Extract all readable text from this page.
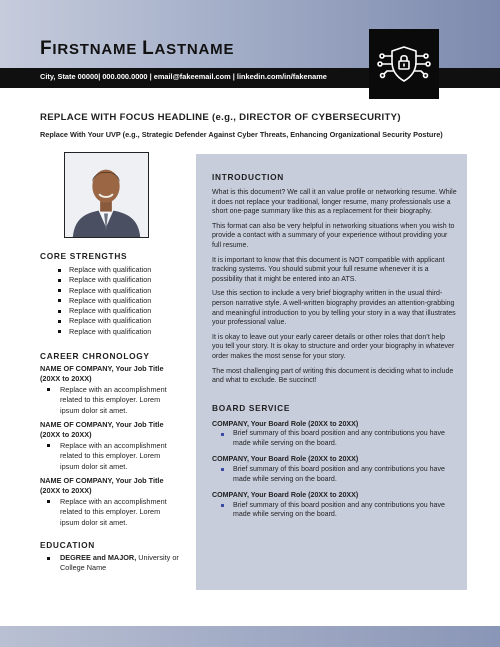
FIRSTNAME LASTNAME
City, State 00000| 000.000.0000 | email@fakeemail.com | linkedin.com/in/fakename
REPLACE WITH FOCUS HEADLINE (e.g., DIRECTOR OF CYBERSECURITY)
Replace With Your UVP (e.g., Strategic Defender Against Cyber Threats, Enhancing Organizational Security Posture)
CORE STRENGTHS
Replace with qualification
Replace with qualification
Replace with qualification
Replace with qualification
Replace with qualification
Replace with qualification
Replace with qualification
CAREER CHRONOLOGY
NAME OF COMPANY, Your Job Title
(20XX to 20XX)
Replace with an accomplishment related to this employer. Lorem ipsum dolor sit amet.
NAME OF COMPANY, Your Job Title
(20XX to 20XX)
Replace with an accomplishment related to this employer. Lorem ipsum dolor sit amet.
NAME OF COMPANY, Your Job Title
(20XX to 20XX)
Replace with an accomplishment related to this employer. Lorem ipsum dolor sit amet.
EDUCATION
DEGREE and MAJOR, University or College Name
INTRODUCTION

What is this document? We call it an value profile or networking resume. While it does not replace your traditional, longer resume, many professionals use a short one-page summary like this as a replacement for their biography.

This format can also be very helpful in networking situations when you wish to provide a contact with a summary of your experience without providing your full resume.

It is important to know that this document is NOT compatible with applicant tracking systems. You should submit your full resume whenever it is a possibility that it might be entered into an ATS.

Use this section to include a very brief biography written in the usual third-person narrative style. A well-written biography provides an attention-grabbing and meaningful introduction to you by telling your story in a way that illustrates your professional value.

It is okay to leave out your early career details or other roles that don’t help you tell your story. It is okay to structure and order your biography in whatever order makes the most sense for your story.

The most challenging part of writing this document is deciding what to include and what to exclude. Be succinct!

BOARD SERVICE
COMPANY, Your Board Role (20XX to 20XX)
Brief summary of this board position and any contributions you have made while serving on the board.
COMPANY, Your Board Role (20XX to 20XX)
Brief summary of this board position and any contributions you have made while serving on the board.
COMPANY, Your Board Role (20XX to 20XX)
Brief summary of this board position and any contributions you have made while serving on the board.
